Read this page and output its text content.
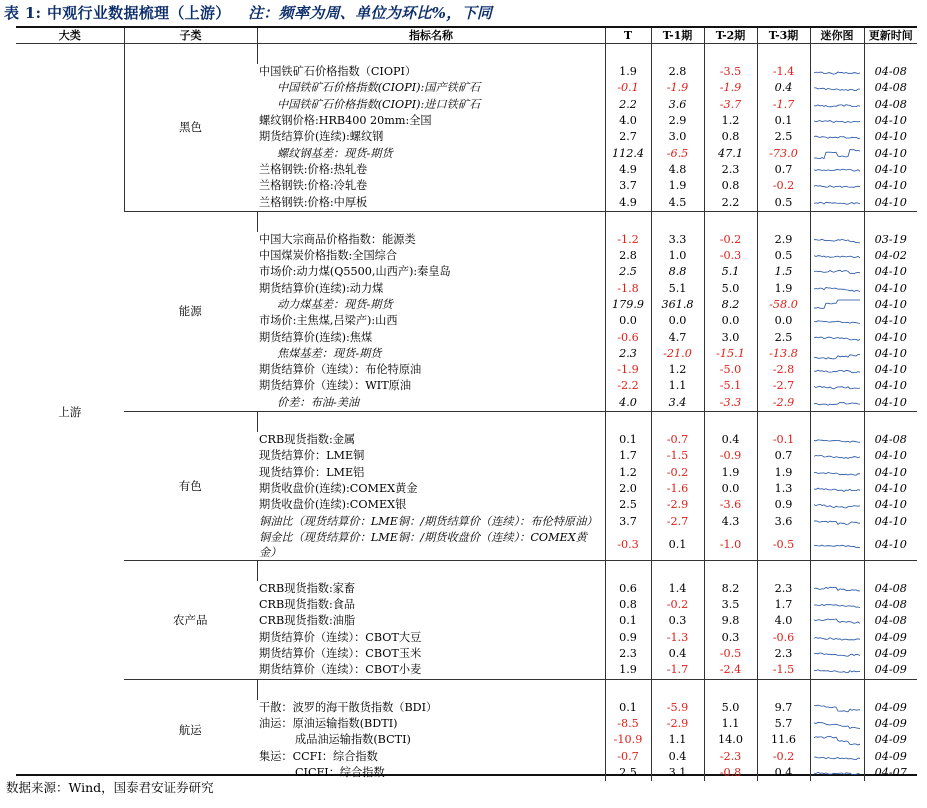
表 1: 中观行业数据梳理（上游） 注：频率为周、单位为环比%，下同
大类	子类	指标名称	T	T-1期	T-2期	T-3期	迷你图	更新时间
上游	黑色							
		中国铁矿石价格指数（CIOPI）	1.9	2.8	-3.5	-1.4		04-08
		中国铁矿石价格指数(CIOPI):国产铁矿石	-0.1	-1.9	-1.9	0.4		04-08
		中国铁矿石价格指数(CIOPI):进口铁矿石	2.2	3.6	-3.7	-1.7		04-08
		螺纹钢价格:HRB400 20mm:全国	4.0	2.9	1.2	0.1		04-10
		期货结算价(连续):螺纹钢	2.7	3.0	0.8	2.5		04-10
		螺纹钢基差：现货-期货	112.4	-6.5	47.1	-73.0		04-10
		兰格钢铁:价格:热轧卷	4.9	4.8	2.3	0.7		04-10
		兰格钢铁:价格:冷轧卷	3.7	1.9	0.8	-0.2		04-10
		兰格钢铁:价格:中厚板	4.9	4.5	2.2	0.5		04-10
	能源							
		中国大宗商品价格指数：能源类	-1.2	3.3	-0.2	2.9		03-19
		中国煤炭价格指数:全国综合	2.8	1.0	-0.3	0.5		04-02
		市场价:动力煤(Q5500,山西产):秦皇岛	2.5	8.8	5.1	1.5		04-10
		期货结算价(连续):动力煤	-1.8	5.1	5.0	1.9		04-10
		动力煤基差：现货-期货	179.9	361.8	8.2	-58.0		04-10
		市场价:主焦煤,吕梁产):山西	0.0	0.0	0.0	0.0		04-10
		期货结算价(连续):焦煤	-0.6	4.7	3.0	2.5		04-10
		焦煤基差：现货-期货	2.3	-21.0	-15.1	-13.8		04-10
		期货结算价（连续）：布伦特原油	-1.9	1.2	-5.0	-2.8		04-10
		期货结算价（连续）：WIT原油	-2.2	1.1	-5.1	-2.7		04-10
		价差：布油-美油	4.0	3.4	-3.3	-2.9		04-10
	有色							
		CRB现货指数:金属	0.1	-0.7	0.4	-0.1		04-08
		现货结算价：LME铜	1.7	-1.5	-0.9	0.7		04-10
		现货结算价：LME铝	1.2	-0.2	1.9	1.9		04-10
		期货收盘价(连续):COMEX黄金	2.0	-1.6	0.0	1.3		04-10
		期货收盘价(连续):COMEX银	2.5	-2.9	-3.6	0.9		04-10
		铜油比（现货结算价：LME铜：/期货结算价（连续）：布伦特原油）	3.7	-2.7	4.3	3.6		04-10
		铜金比（现货结算价：LME铜：/期货收盘价（连续）：COMEX黄金）	-0.3	0.1	-1.0	-0.5		04-10
	农产品							
		CRB现货指数:家畜	0.6	1.4	8.2	2.3		04-08
		CRB现货指数:食品	0.8	-0.2	3.5	1.7		04-08
		CRB现货指数:油脂	0.1	0.3	9.8	4.0		04-08
		期货结算价（连续）：CBOT大豆	0.9	-1.3	0.3	-0.6		04-09
		期货结算价（连续）：CBOT玉米	2.3	0.4	-0.5	2.3		04-09
		期货结算价（连续）：CBOT小麦	1.9	-1.7	-2.4	-1.5		04-09
	航运							
		干散：波罗的海干散货指数（BDI）	0.1	-5.9	5.0	9.7		04-09
		油运：原油运输指数(BDTI)	-8.5	-2.9	1.1	5.7		04-09
		成品油运输指数(BCTI)	-10.9	1.1	14.0	11.6		04-09
		集运：CCFI：综合指数	-0.7	0.4	-2.3	-0.2		04-09
		CICFI：综合指数	2.5	3.1	-0.8	0.4		04-07
数据来源：Wind，国泰君安证券研究
